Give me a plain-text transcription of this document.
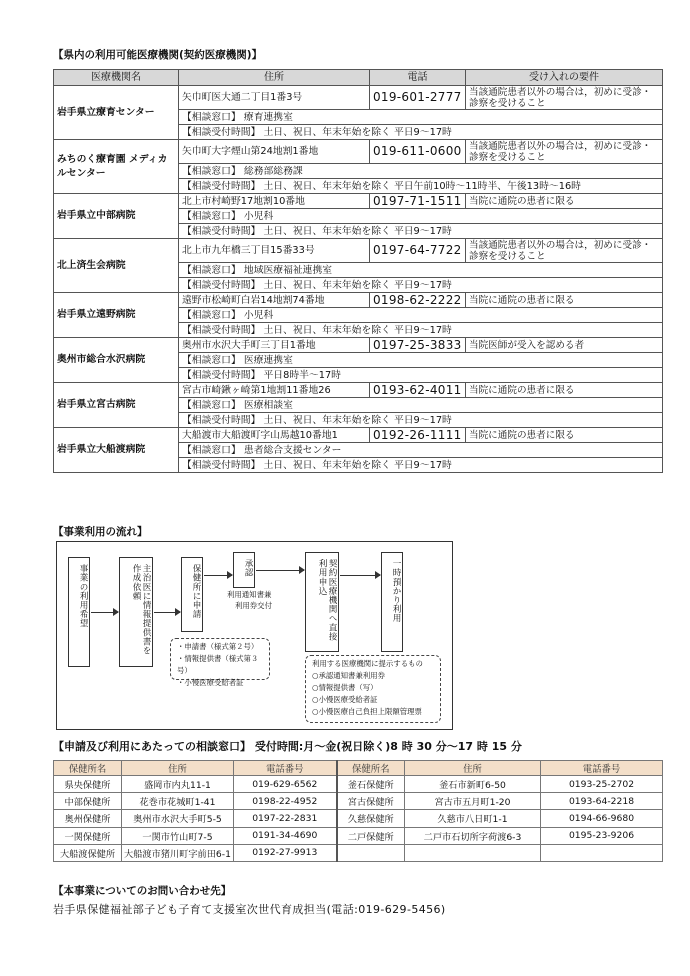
【県内の利用可能医療機関(契約医療機関)】
医療機関名	住所	電話	受け入れの要件
岩手県立療育センター	矢巾町医大通二丁目1番3号	019-601-2777	当該通院患者以外の場合は，初めに受診・診察を受けること
	【相談窓口】 療育連携室		
	【相談受付時間】 土日、祝日、年末年始を除く 平日9～17時		
みちのく療育園 メディカルセンター	矢巾町大字煙山第24地割1番地	019-611-0600	当該通院患者以外の場合は，初めに受診・診察を受けること
	【相談窓口】 総務部総務課		
	【相談受付時間】 土日、祝日、年末年始を除く 平日午前10時～11時半、午後13時～16時		
岩手県立中部病院	北上市村崎野17地割10番地	0197-71-1511	当院に通院の患者に限る
	【相談窓口】 小児科		
	【相談受付時間】 土日、祝日、年末年始を除く 平日9～17時		
北上済生会病院	北上市九年橋三丁目15番33号	0197-64-7722	当該通院患者以外の場合は，初めに受診・診察を受けること
	【相談窓口】 地域医療福祉連携室		
	【相談受付時間】 土日、祝日、年末年始を除く 平日9～17時		
岩手県立遠野病院	遠野市松崎町白岩14地割74番地	0198-62-2222	当院に通院の患者に限る
	【相談窓口】 小児科		
	【相談受付時間】 土日、祝日、年末年始を除く 平日9～17時		
奥州市総合水沢病院	奥州市水沢大手町三丁目1番地	0197-25-3833	当院医師が受入を認める者
	【相談窓口】 医療連携室		
	【相談受付時間】 平日8時半～17時		
岩手県立宮古病院	宮古市崎鍬ヶ崎第1地割11番地26	0193-62-4011	当院に通院の患者に限る
	【相談窓口】 医療相談室		
	【相談受付時間】 土日、祝日、年末年始を除く 平日9～17時		
岩手県立大船渡病院	大船渡市大船渡町字山馬越10番地1	0192-26-1111	当院に通院の患者に限る
	【相談窓口】 患者総合支援センター		
	【相談受付時間】 土日、祝日、年末年始を除く 平日9～17時		
【事業利用の流れ】
事業の利用希望	主治医に情報提供書を作成依頼	保健所に申請	承認
利用通知書兼
利用券交付	契約医療機関へ直接利用申込	一時預かり利用
・申請書（様式第２号）
・情報提供書（様式第３号）
・小慢医療受給者証
利用する医療機関に提示するもの
○承認通知書兼利用券
○情報提供書（写）
○小慢医療受給者証
○小慢医療自己負担上限額管理票
【申請及び利用にあたっての相談窓口】 受付時間:月～金(祝日除く)8 時 30 分～17 時 15 分
保健所名	住所	電話番号	保健所名	住所	電話番号
県央保健所	盛岡市内丸11-1	019-629-6562	釜石保健所	釜石市新町6-50	0193-25-2702
中部保健所	花巻市花城町1-41	0198-22-4952	宮古保健所	宮古市五月町1-20	0193-64-2218
奥州保健所	奥州市水沢大手町5-5	0197-22-2831	久慈保健所	久慈市八日町1-1	0194-66-9680
一関保健所	一関市竹山町7-5	0191-34-4690	二戸保健所	二戸市石切所字荷渡6-3	0195-23-9206
大船渡保健所	大船渡市猪川町字前田6-1	0192-27-9913			
【本事業についてのお問い合わせ先】
岩手県保健福祉部子ども子育て支援室次世代育成担当(電話:019-629-5456)
